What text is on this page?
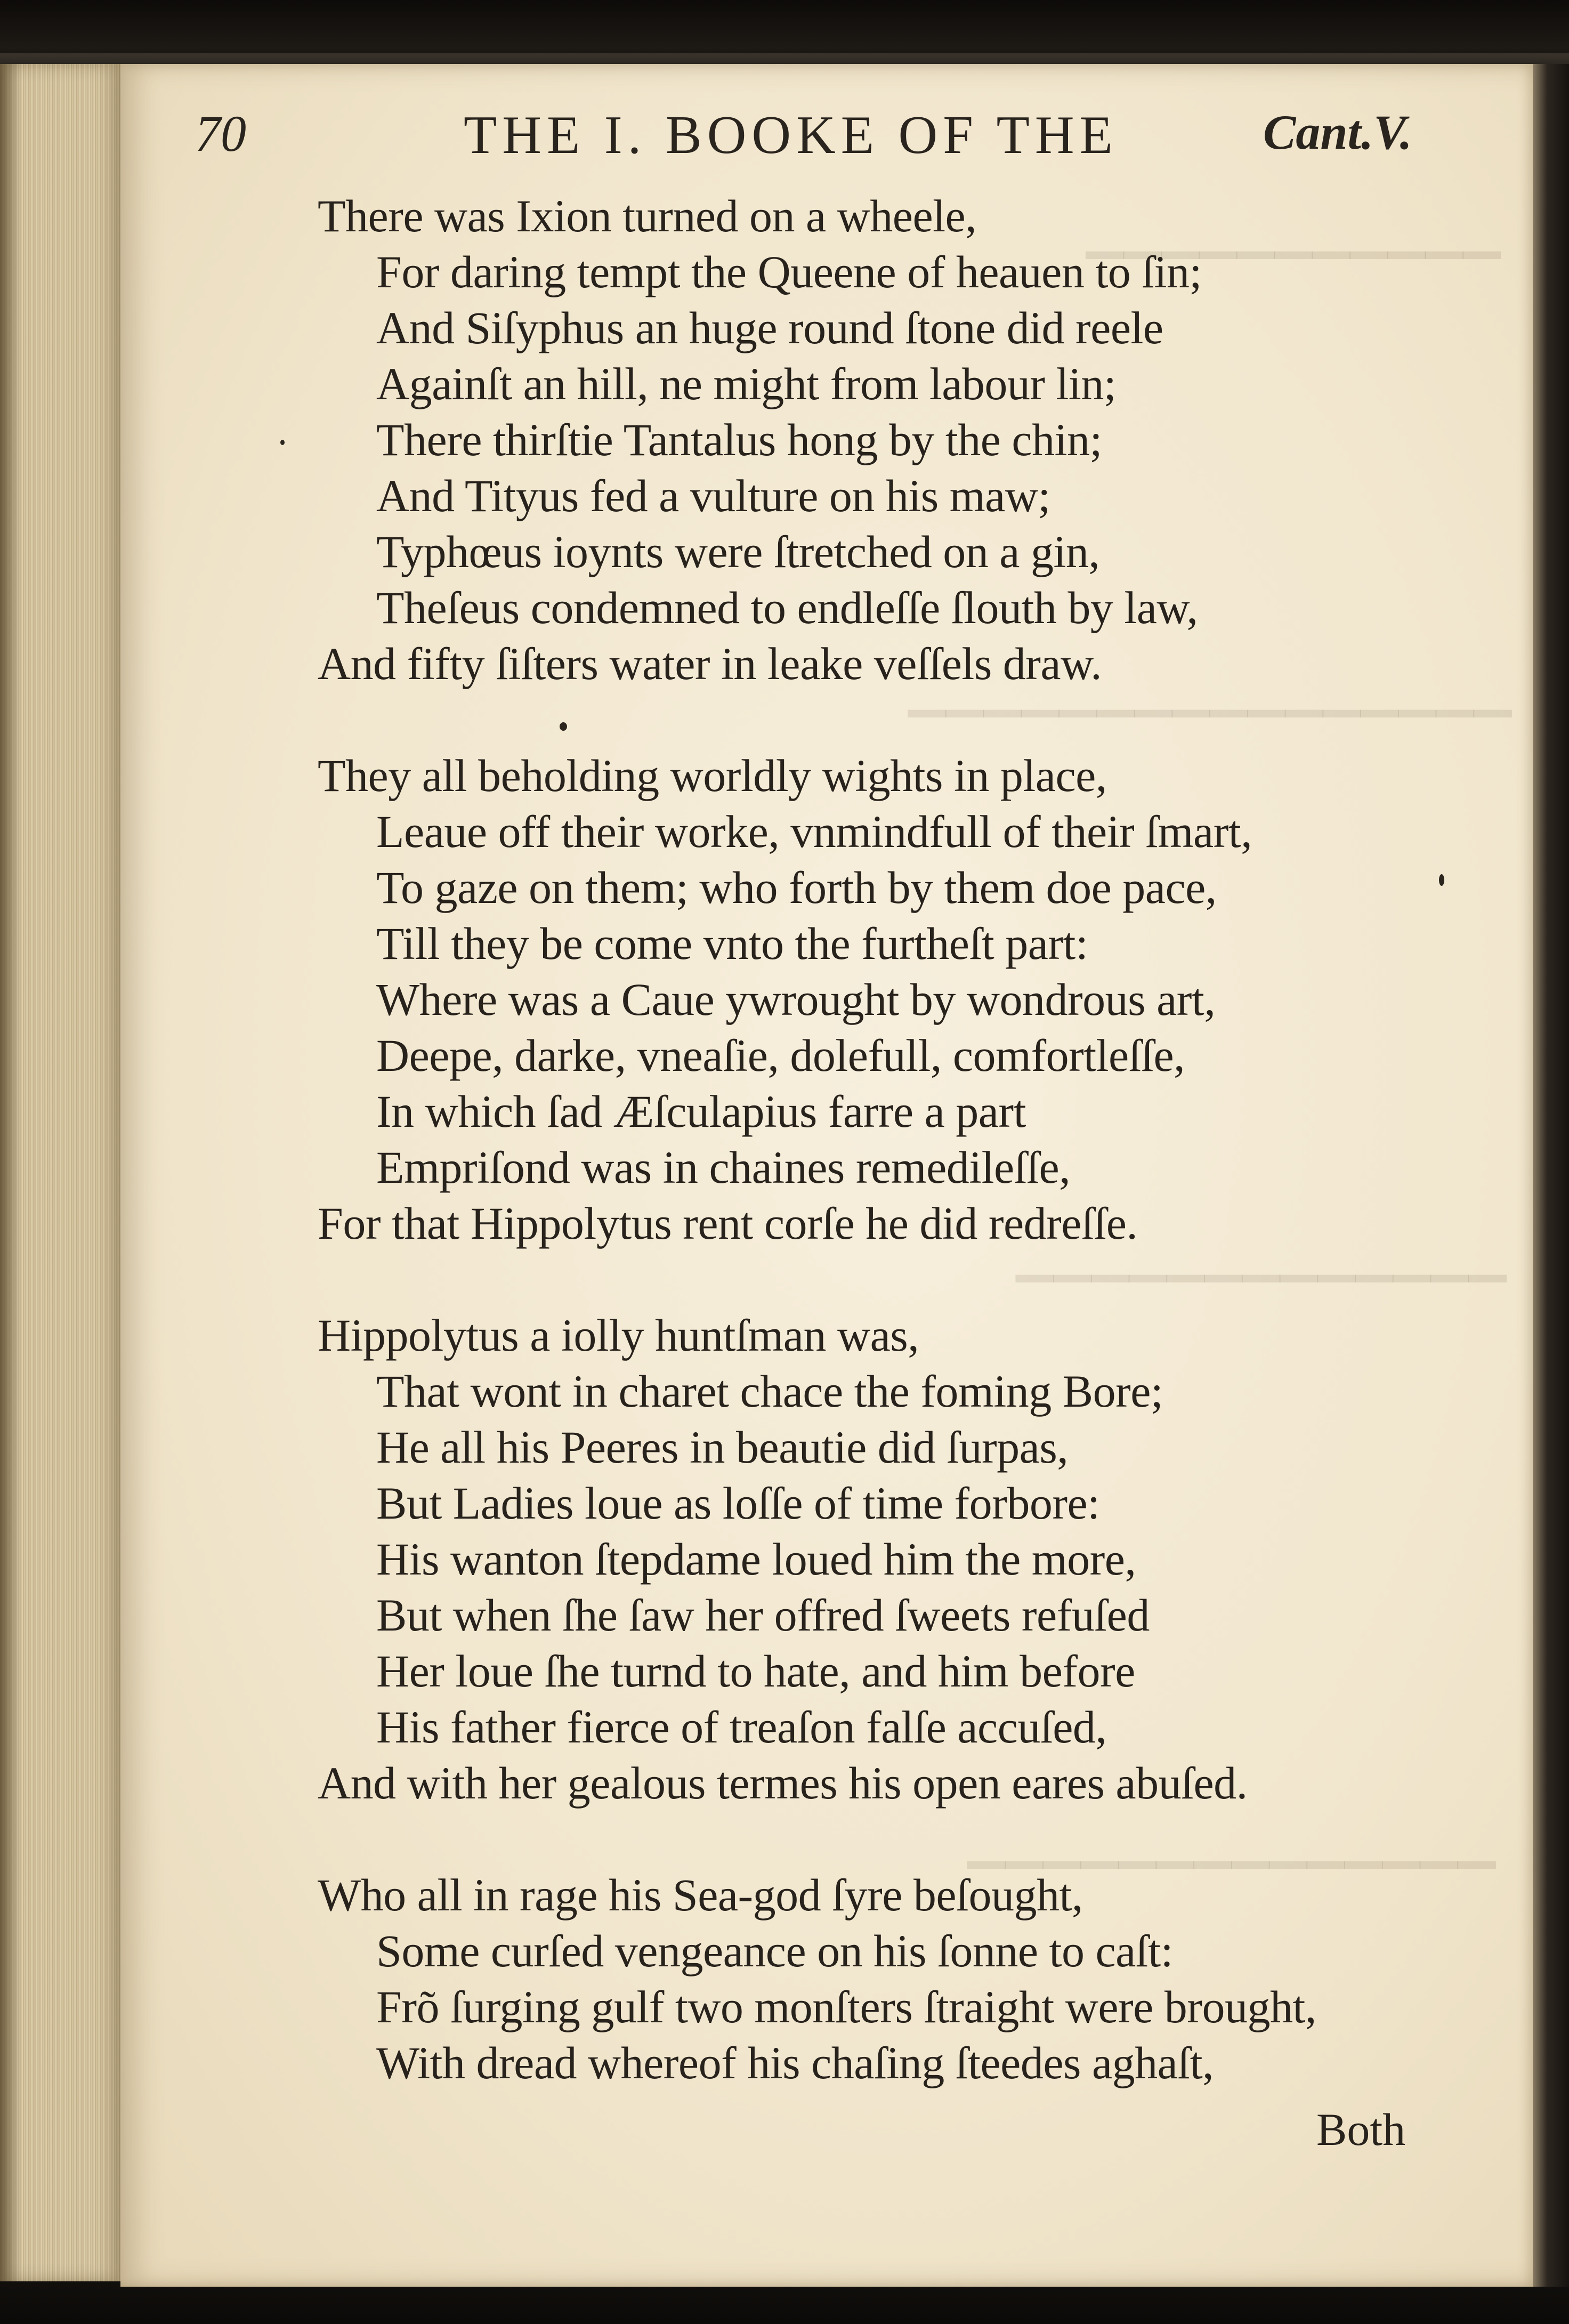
▁▁▁▁▁▁▁▁▁▁▁
▁▁▁▁▁▁▁▁▁▁▁▁▁▁▁▁
▁▁▁▁▁▁▁▁▁▁▁▁▁
▁▁▁▁▁▁▁▁▁▁▁▁▁▁
70	THE I. BOOKE OF THE	Cant.V.
There was Ixion turned on a wheele,
For daring tempt the Queene of heauen to ſin;
And Siſyphus an huge round ſtone did reele
Againſt an hill, ne might from labour lin;
There thirſtie Tantalus hong by the chin;
And Tityus fed a vulture on his maw;
Typhœus ioynts were ſtretched on a gin,
Theſeus condemned to endleſſe ſlouth by law,
And fifty ſiſters water in leake veſſels draw.
They all beholding worldly wights in place,
Leaue off their worke, vnmindfull of their ſmart,
To gaze on them; who forth by them doe pace,
Till they be come vnto the furtheſt part:
Where was a Caue ywrought by wondrous art,
Deepe, darke, vneaſie, dolefull, comfortleſſe,
In which ſad Æſculapius farre a part
Empriſond was in chaines remedileſſe,
For that Hippolytus rent corſe he did redreſſe.
Hippolytus a iolly huntſman was,
That wont in charet chace the foming Bore;
He all his Peeres in beautie did ſurpas,
But Ladies loue as loſſe of time forbore:
His wanton ſtepdame loued him the more,
But when ſhe ſaw her offred ſweets refuſed
Her loue ſhe turnd to hate, and him before
His father fierce of treaſon falſe accuſed,
And with her gealous termes his open eares abuſed.
Who all in rage his Sea-god ſyre beſought,
Some curſed vengeance on his ſonne to caſt:
Frõ ſurging gulf two monſters ſtraight were brought,
With dread whereof his chaſing ſteedes aghaſt,
Both
